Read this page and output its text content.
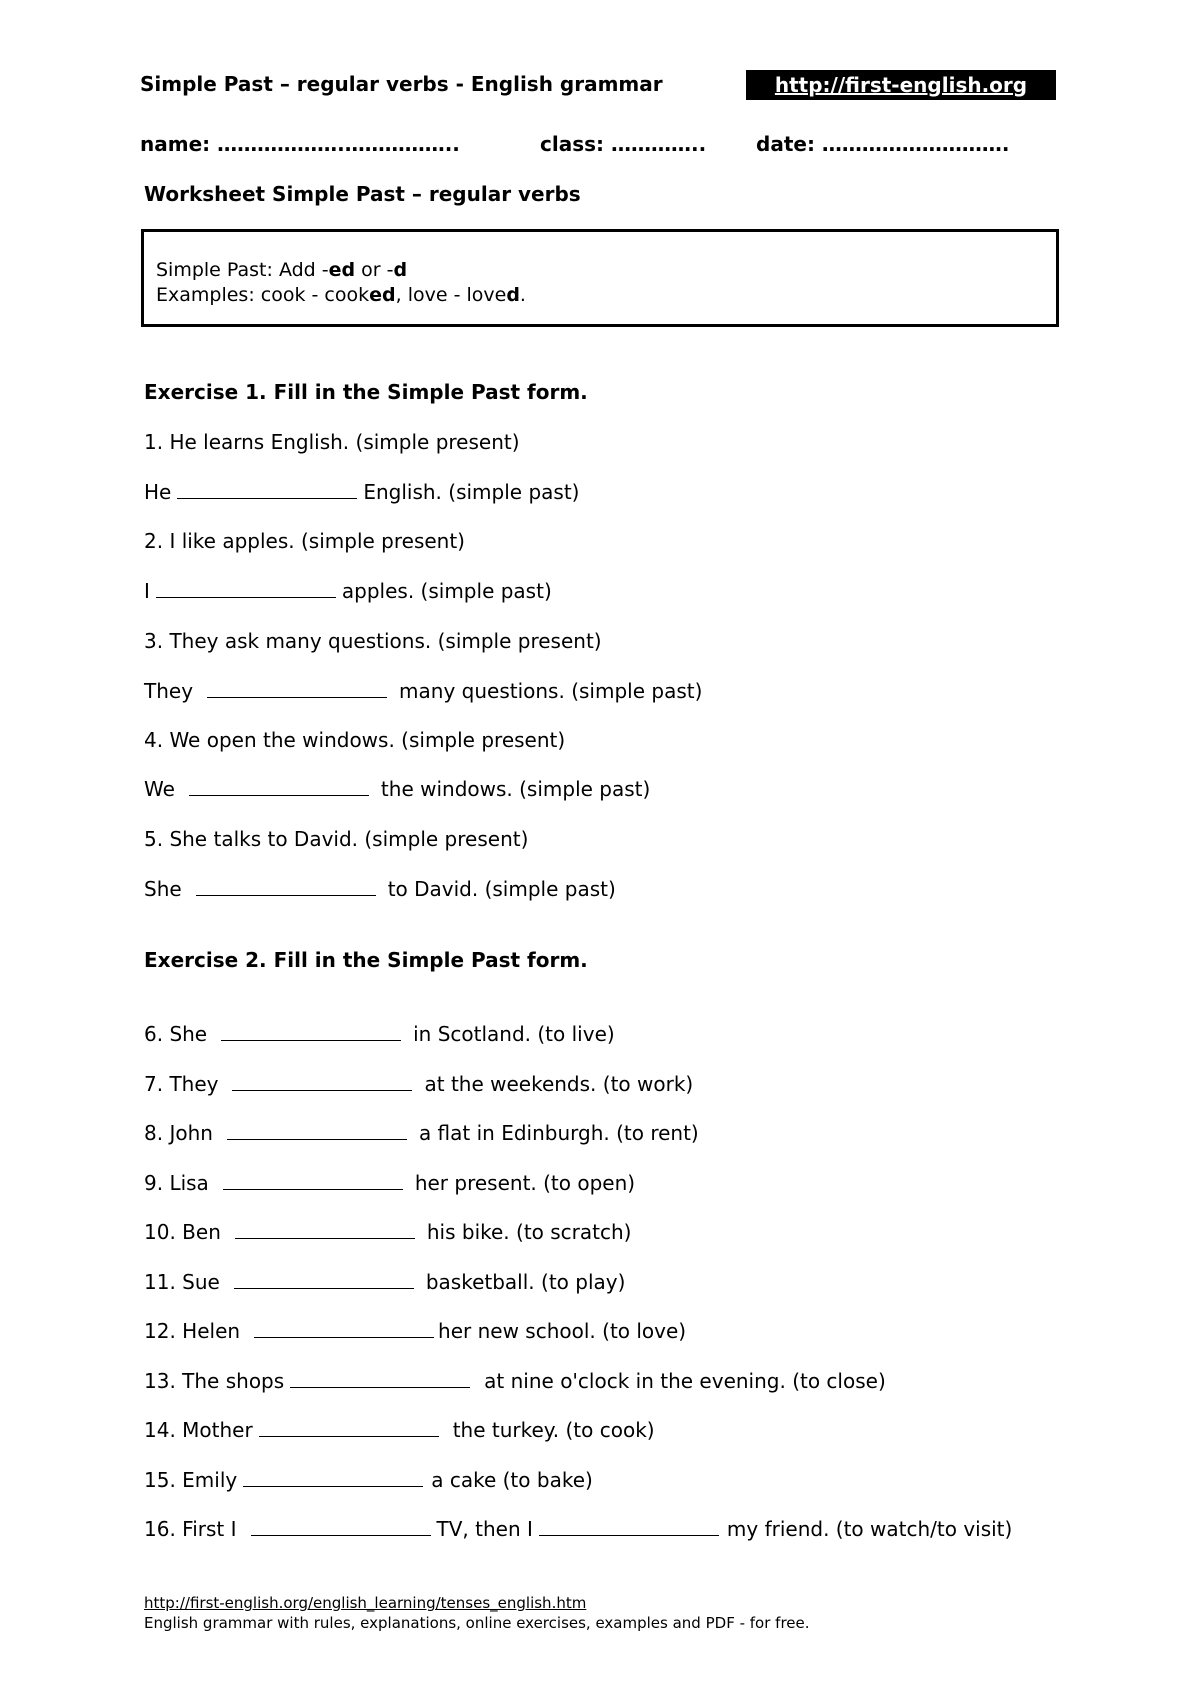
Simple Past – regular verbs - English grammar	http://first-english.org
name: ……………….……………..	class: ………….. date: ……………………….
Worksheet Simple Past – regular verbs
Simple Past: Add -ed or -d
Examples: cook - cooked, love - loved.
Exercise 1. Fill in the Simple Past form.
1. He learns English. (simple present)
He	English. (simple past)
2. I like apples. (simple present)
I	apples. (simple past)
3. They ask many questions. (simple present)
They	many questions. (simple past)
4. We open the windows. (simple present)
We	the windows. (simple past)
5. She talks to David. (simple present)
She	to David. (simple past)
Exercise 2. Fill in the Simple Past form.
6. She	in Scotland. (to live)
7. They	at the weekends. (to work)
8. John	a flat in Edinburgh. (to rent)
9. Lisa	her present. (to open)
10. Ben	his bike. (to scratch)
11. Sue	basketball. (to play)
12. Helen	her new school. (to love)
13. The shops	at nine o'clock in the evening. (to close)
14. Mother	the turkey. (to cook)
15. Emily	a cake (to bake)
16. First I	TV, then I	my friend. (to watch/to visit)
http://first-english.org/english_learning/tenses_english.htm
English grammar with rules, explanations, online exercises, examples and PDF - for free.
